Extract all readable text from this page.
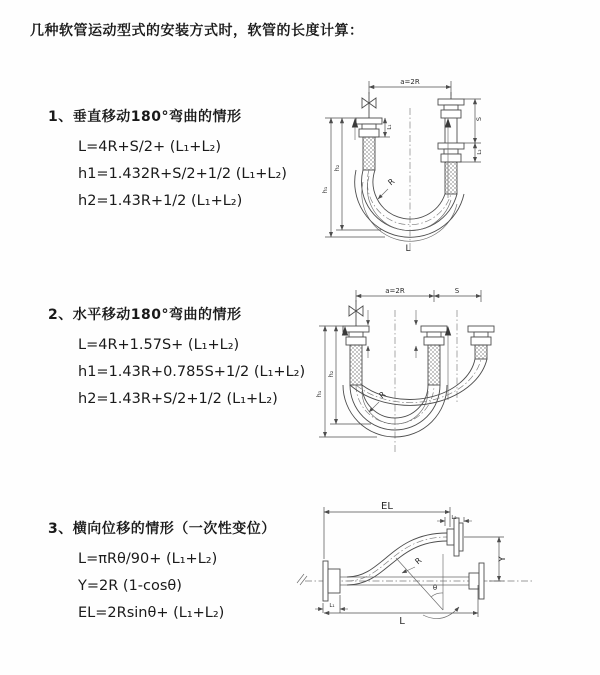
几种软管运动型式的安装方式时，软管的长度计算：
1、垂直移动180°弯曲的情形
L=4R+S/2+ (L₁+L₂)
h1=1.432R+S/2+1/2 (L₁+L₂)
h2=1.43R+1/2 (L₁+L₂)
2、水平移动180°弯曲的情形
L=4R+1.57S+ (L₁+L₂)
h1=1.43R+0.785S+1/2 (L₁+L₂)
h2=1.43R+S/2+1/2 (L₁+L₂)
3、横向位移的情形（一次性变位）
L=πRθ/90+ (L₁+L₂)
Y=2R (1-cosθ)
EL=2Rsinθ+ (L₁+L₂)
a=2R
L₁
h₁
h₂
S
L₂
R
L
a=2R	S
h₁
h₂
R
EL
L₂
Y
θ
R
L₁
L
